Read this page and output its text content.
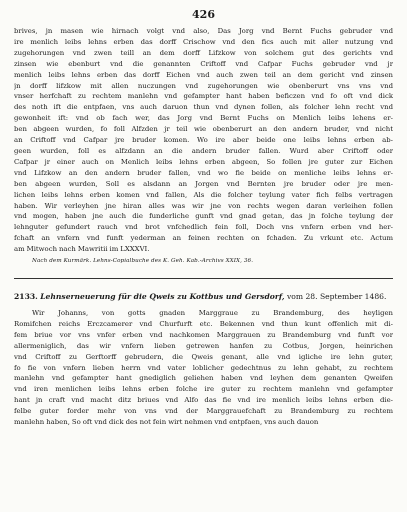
426
brives, jn masen wie hirnach volgt vnd also, Das Jorg vnd Bernt Fuchs gebruder vnd
ire menlich leibs lehns erben das dorff Crischow vnd den fics auch mit aller nutzung vnd
zugehorungen vnd zwen teill an dem dorff Lifzkow von solchem gut des gerichts vnd
zinsen wie ebenburt vnd die genannten Criftoff vnd Cafpar Fuchs gebruder vnd jr
menlich leibs lehns erben das dorff Eichen vnd auch zwen teil an dem gericht vnd zinsen
jn dorff lifzkow mit allen nuczungen vnd zugehorungen wie obenberurt vns vns vnd
vnser herfchaft zu rechtem manlehn vnd gefampter hant haben beficzen vnd fo oft vnd dick
des noth ift die entpfaen, vns auch daruon thun vnd dynen follen, als folcher lehn recht vnd
gewonheit ift: vnd ob fach wer, das Jorg vnd Bernt Fuchs on Menlich leibs lehens er-
ben abgeen wurden, fo foll Alfzden jr teil wie obenberurt an den andern bruder, vnd nicht
an Criftoff vnd Cafpar jre bruder komen. Wo ire aber beide one leibs lehns erben ab-
geen wurden, foll es alfzdann an die andern bruder fallen. Wurd aber Criftoff oder
Cafpar jr einer auch on Menlich leibs lehns erben abgeen, So follen jre guter zur Eichen
vnd Lifzkow an den andern bruder fallen, vnd wo fie beide on menliche leibs lehns er-
ben abgeen wurden, Soll es alsdann an Jorgen vnd Bernten jre bruder oder jre men-
lichen leibs lehns erben komen vnd fallen, Als die folcher teylung vater fich felbs vertragen
haben. Wir verleyhen jne hiran alles was wir jne von rechts wegen daran verleihen follen
vnd mogen, haben jne auch die funderliche gunft vnd gnad getan, das jn folche teylung der
lehnguter gefundert rauch vnd brot vnfchedlich fein foll, Doch vns vnfern erben vnd her-
fchaft an vnfern vnd funft yederman an feinen rechten on fchaden. Zu vrkunt etc. Actum
am Mitwoch nach Mawritii im LXXXVI.
Nach dem Kurmärk. Lehns-Copialbuche des K. Geh. Kab.-Archivs XXIX, 36.
2133. Lehnserneuerung für die Qweis zu Kottbus und Gersdorf, vom 28. September 1486.
Wir Johanns, von gotts gnaden Marggraue zu Brandemburg, des heyligen
Romifchen reichs Erczcamerer vnd Churfurft etc. Bekennen vnd thun kunt offenlich mit di-
fem briue vor vns vnfer erben vnd nachkomen Marggrauen zu Brandemburg vnd funft vor
allermeniglich, das wir vnfern lieben getrewen hanfen zu Cotbus, Jorgen, heinrichen
vnd Criftoff zu Gerftorff gebrudern, die Qweis genant, alle vnd igliche ire lehn guter,
fo fie von vnfern lieben herrn vnd vater loblicher gedechtnus zu lehn gehabt, zu rechtem
manlehn vnd gefampter hant gnediglich geliehen haben vnd leyhen dem genanten Qweifen
vnd iren menlichen leibs lehns erben folche ire guter zu rechtem manlehn vnd gefampter
hant jn craft vnd macht ditz briues vnd Alfo das fie vnd ire menlich leibs lehns erben die-
felbe guter forder mehr von vns vnd der Marggrauefchaft zu Brandemburg zu rechtem
manlehn haben, So oft vnd dick des not fein wirt nehmen vnd entpfaen, vns auch dauon
